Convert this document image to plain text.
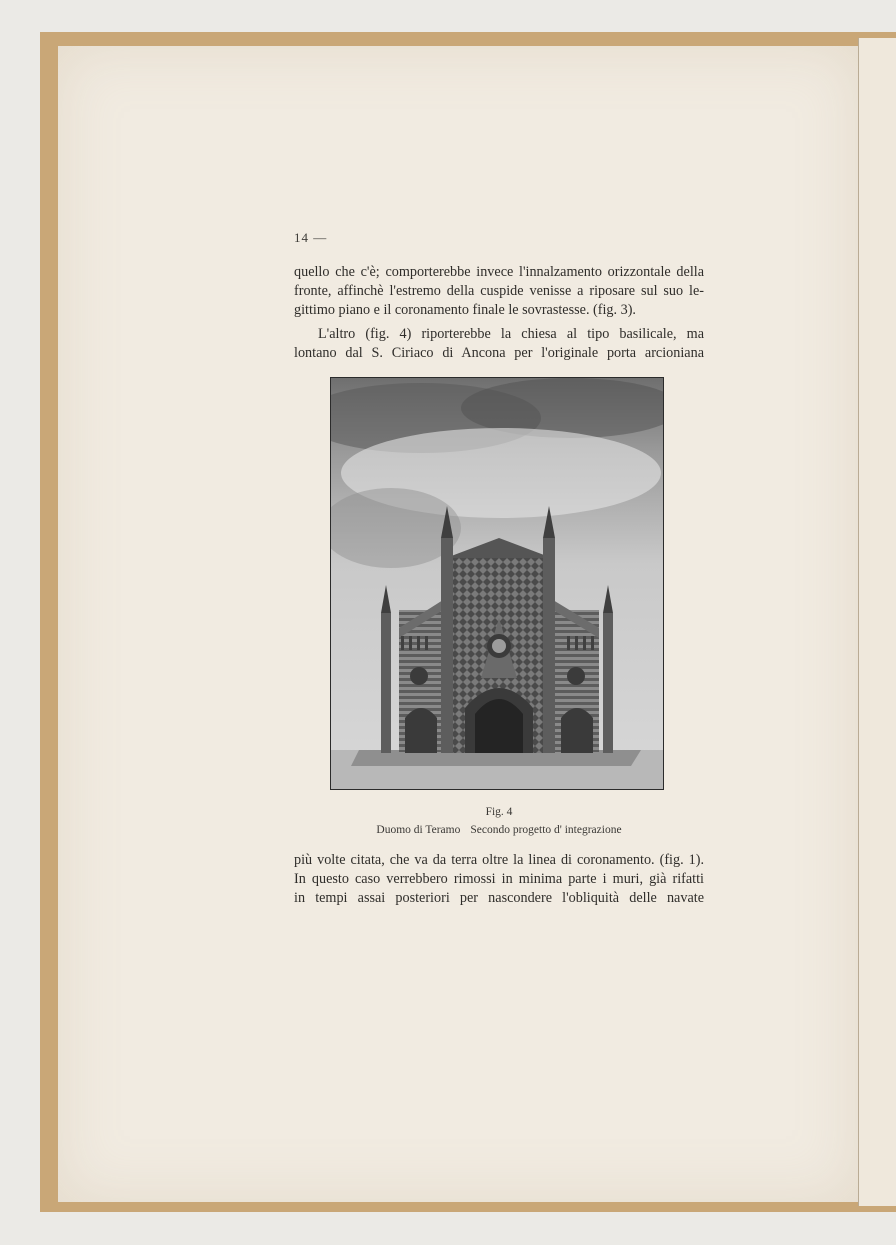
14 —
quello che c'è; comporterebbe invece l'innalzamento orizzontale della
fronte, affinchè l'estremo della cuspide venisse a riposare sul suo le-
gittimo piano e il coronamento finale le sovrastesse. (fig. 3).
L'altro (fig. 4) riporterebbe la chiesa al tipo basilicale, ma
lontano dal S. Ciriaco di Ancona per l'originale porta arcioniana
Fig. 4
Duomo di Teramo Secondo progetto d' integrazione
più volte citata, che va da terra oltre la linea di coronamento. (fig. 1).
In questo caso verrebbero rimossi in minima parte i muri, già rifatti
in tempi assai posteriori per nascondere l'obliquità delle navate
